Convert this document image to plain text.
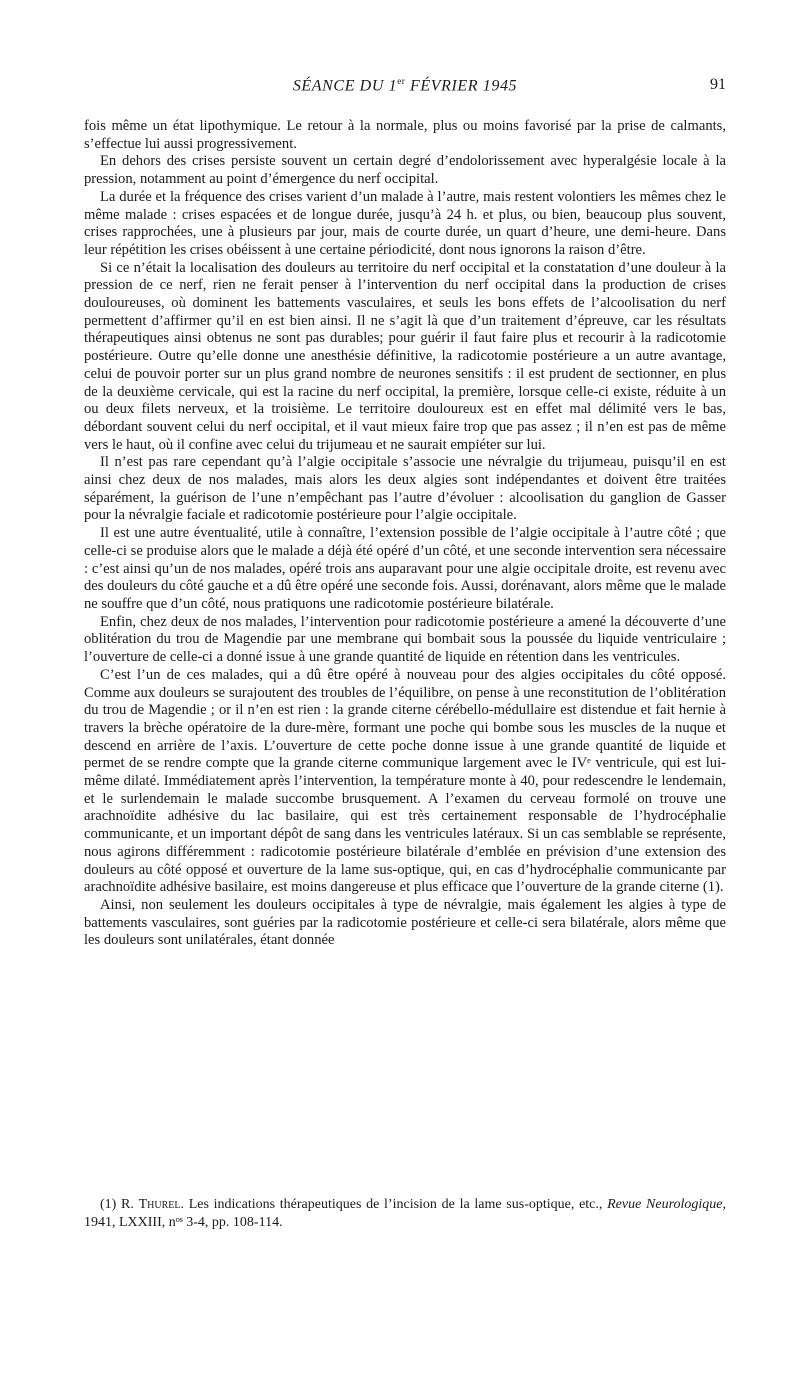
SÉANCE DU 1er FÉVRIER 1945	91

fois même un état lipothymique. Le retour à la normale, plus ou moins favorisé par la prise de calmants, s’effectue lui aussi progressivement.

En dehors des crises persiste souvent un certain degré d’endolorissement avec hyperalgésie locale à la pression, notamment au point d’émergence du nerf occipital.

La durée et la fréquence des crises varient d’un malade à l’autre, mais restent volontiers les mêmes chez le même malade : crises espacées et de longue durée, jusqu’à 24 h. et plus, ou bien, beaucoup plus souvent, crises rapprochées, une à plusieurs par jour, mais de courte durée, un quart d’heure, une demi-heure. Dans leur répétition les crises obéissent à une certaine périodicité, dont nous ignorons la raison d’être.

Si ce n’était la localisation des douleurs au territoire du nerf occipital et la constatation d’une douleur à la pression de ce nerf, rien ne ferait penser à l’intervention du nerf occipital dans la production de crises douloureuses, où dominent les battements vasculaires, et seuls les bons effets de l’alcoolisation du nerf permettent d’affirmer qu’il en est bien ainsi. Il ne s’agit là que d’un traitement d’épreuve, car les résultats thérapeutiques ainsi obtenus ne sont pas durables; pour guérir il faut faire plus et recourir à la radicotomie postérieure. Outre qu’elle donne une anesthésie définitive, la radicotomie postérieure a un autre avantage, celui de pouvoir porter sur un plus grand nombre de neurones sensitifs : il est prudent de sectionner, en plus de la deuxième cervicale, qui est la racine du nerf occipital, la première, lorsque celle-ci existe, réduite à un ou deux filets nerveux, et la troisième. Le territoire douloureux est en effet mal délimité vers le bas, débordant souvent celui du nerf occipital, et il vaut mieux faire trop que pas assez ; il n’en est pas de même vers le haut, où il confine avec celui du trijumeau et ne saurait empiéter sur lui.

Il n’est pas rare cependant qu’à l’algie occipitale s’associe une névralgie du trijumeau, puisqu’il en est ainsi chez deux de nos malades, mais alors les deux algies sont indépendantes et doivent être traitées séparément, la guérison de l’une n’empêchant pas l’autre d’évoluer : alcoolisation du ganglion de Gasser pour la névralgie faciale et radicotomie postérieure pour l’algie occipitale.

Il est une autre éventualité, utile à connaître, l’extension possible de l’algie occipitale à l’autre côté ; que celle-ci se produise alors que le malade a déjà été opéré d’un côté, et une seconde intervention sera nécessaire : c’est ainsi qu’un de nos malades, opéré trois ans auparavant pour une algie occipitale droite, est revenu avec des douleurs du côté gauche et a dû être opéré une seconde fois. Aussi, dorénavant, alors même que le malade ne souffre que d’un côté, nous pratiquons une radicotomie postérieure bilatérale.

Enfin, chez deux de nos malades, l’intervention pour radicotomie postérieure a amené la découverte d’une oblitération du trou de Magendie par une membrane qui bombait sous la poussée du liquide ventriculaire ; l’ouverture de celle-ci a donné issue à une grande quantité de liquide en rétention dans les ventricules.

C’est l’un de ces malades, qui a dû être opéré à nouveau pour des algies occipitales du côté opposé. Comme aux douleurs se surajoutent des troubles de l’équilibre, on pense à une reconstitution de l’oblitération du trou de Magendie ; or il n’en est rien : la grande citerne cérébello-médullaire est distendue et fait hernie à travers la brèche opératoire de la dure-mère, formant une poche qui bombe sous les muscles de la nuque et descend en arrière de l’axis. L’ouverture de cette poche donne issue à une grande quantité de liquide et permet de se rendre compte que la grande citerne communique largement avec le IVᵉ ventricule, qui est lui-même dilaté. Immédiatement après l’intervention, la température monte à 40, pour redescendre le lendemain, et le surlendemain le malade succombe brusquement. A l’examen du cerveau formolé on trouve une arachnoïdite adhésive du lac basilaire, qui est très certainement responsable de l’hydrocéphalie communicante, et un important dépôt de sang dans les ventricules latéraux. Si un cas semblable se représente, nous agirons différemment : radicotomie postérieure bilatérale d’emblée en prévision d’une extension des douleurs au côté opposé et ouverture de la lame sus-optique, qui, en cas d’hydrocéphalie communicante par arachnoïdite adhésive basilaire, est moins dangereuse et plus efficace que l’ouverture de la grande citerne (1).

Ainsi, non seulement les douleurs occipitales à type de névralgie, mais également les algies à type de battements vasculaires, sont guéries par la radicotomie postérieure et celle-ci sera bilatérale, alors même que les douleurs sont unilatérales, étant donnée

(1) R. Thurel. Les indications thérapeutiques de l’incision de la lame sus-optique, etc., Revue Neurologique, 1941, LXXIII, nᵒˢ 3-4, pp. 108-114.
